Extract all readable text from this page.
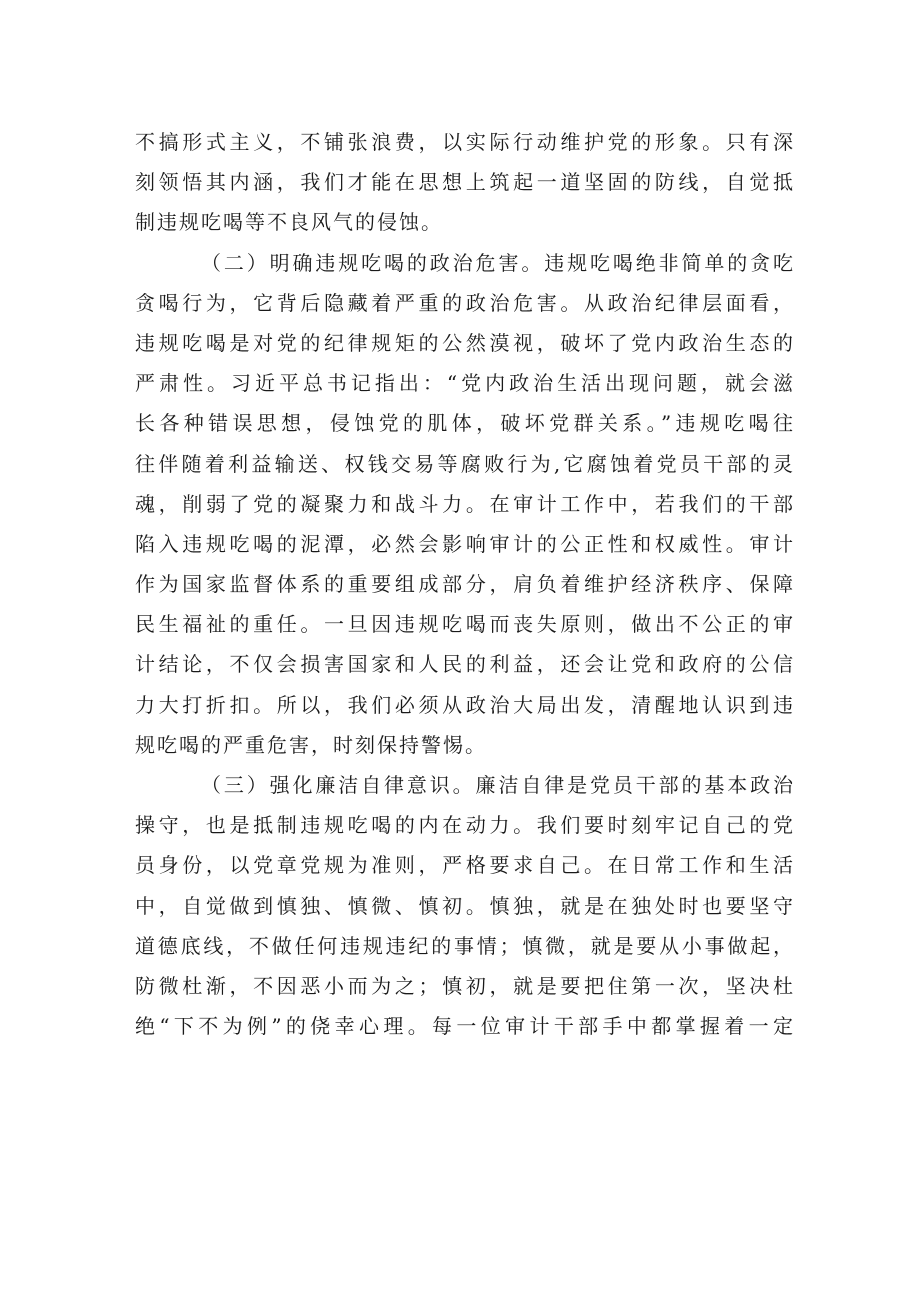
不搞形式主义，不铺张浪费，以实际行动维护党的形象。只有深
刻领悟其内涵，我们才能在思想上筑起一道坚固的防线，自觉抵
制违规吃喝等不良风气的侵蚀。
（二）明确违规吃喝的政治危害。违规吃喝绝非简单的贪吃
贪喝行为，它背后隐藏着严重的政治危害。从政治纪律层面看，
违规吃喝是对党的纪律规矩的公然漠视，破坏了党内政治生态的
严肃性。习近平总书记指出：“党内政治生活出现问题，就会滋
长各种错误思想，侵蚀党的肌体，破坏党群关系。”违规吃喝往
往伴随着利益输送、权钱交易等腐败行为,它腐蚀着党员干部的灵
魂，削弱了党的凝聚力和战斗力。在审计工作中，若我们的干部
陷入违规吃喝的泥潭，必然会影响审计的公正性和权威性。审计
作为国家监督体系的重要组成部分，肩负着维护经济秩序、保障
民生福祉的重任。一旦因违规吃喝而丧失原则，做出不公正的审
计结论，不仅会损害国家和人民的利益，还会让党和政府的公信
力大打折扣。所以，我们必须从政治大局出发，清醒地认识到违
规吃喝的严重危害，时刻保持警惕。
（三）强化廉洁自律意识。廉洁自律是党员干部的基本政治
操守，也是抵制违规吃喝的内在动力。我们要时刻牢记自己的党
员身份，以党章党规为准则，严格要求自己。在日常工作和生活
中，自觉做到慎独、慎微、慎初。慎独，就是在独处时也要坚守
道德底线，不做任何违规违纪的事情；慎微，就是要从小事做起，
防微杜渐，不因恶小而为之；慎初，就是要把住第一次，坚决杜
绝“下不为例”的侥幸心理。每一位审计干部手中都掌握着一定
